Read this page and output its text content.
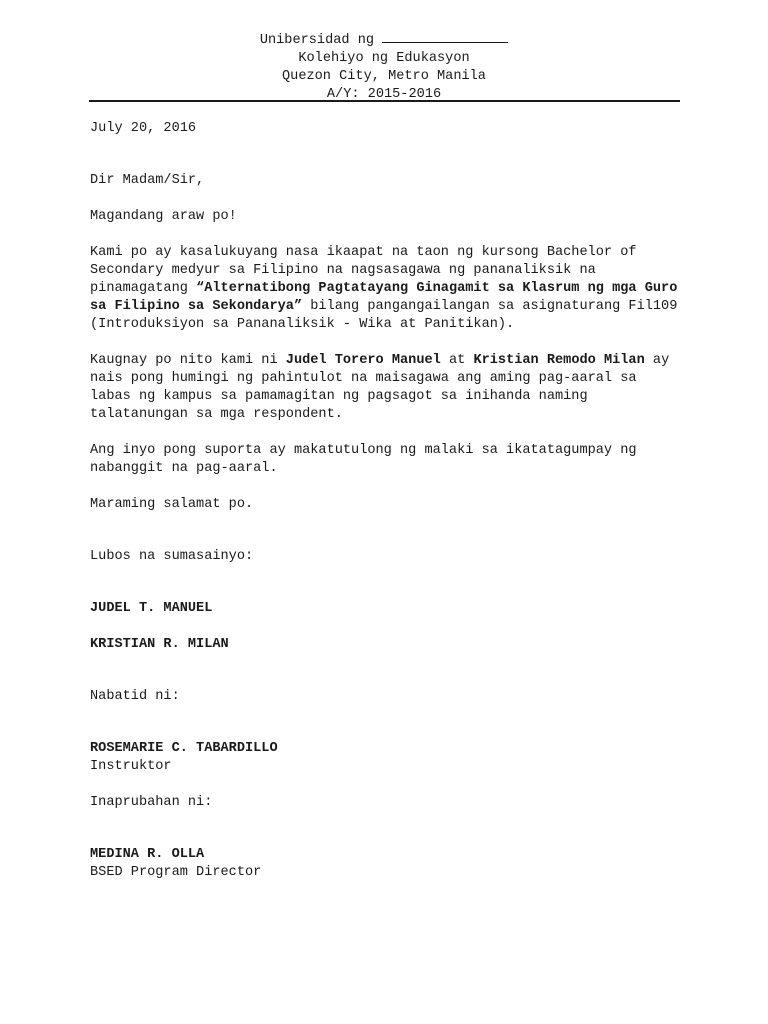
Unibersidad ng
Kolehiyo ng Edukasyon
Quezon City, Metro Manila
A/Y: 2015-2016

July 20, 2016

Dir Madam/Sir,

Magandang araw po!

Kami po ay kasalukuyang nasa ikaapat na taon ng kursong Bachelor of Secondary medyur sa Filipino na nagsasagawa ng pananaliksik na pinamagatang “Alternatibong Pagtatayang Ginagamit sa Klasrum ng mga Guro sa Filipino sa Sekondarya” bilang pangangailangan sa asignaturang Fil109 (Introduksiyon sa Pananaliksik - Wika at Panitikan).

Kaugnay po nito kami ni Judel Torero Manuel at Kristian Remodo Milan ay nais pong humingi ng pahintulot na maisagawa ang aming pag-aaral sa labas ng kampus sa pamamagitan ng pagsagot sa inihanda naming talatanungan sa mga respondent.

Ang inyo pong suporta ay makatutulong ng malaki sa ikatatagumpay ng nabanggit na pag-aaral.

Maraming salamat po.

Lubos na sumasainyo:

JUDEL T. MANUEL

KRISTIAN R. MILAN

Nabatid ni:

ROSEMARIE C. TABARDILLO

Instruktor

Inaprubahan ni:

MEDINA R. OLLA

BSED Program Director
